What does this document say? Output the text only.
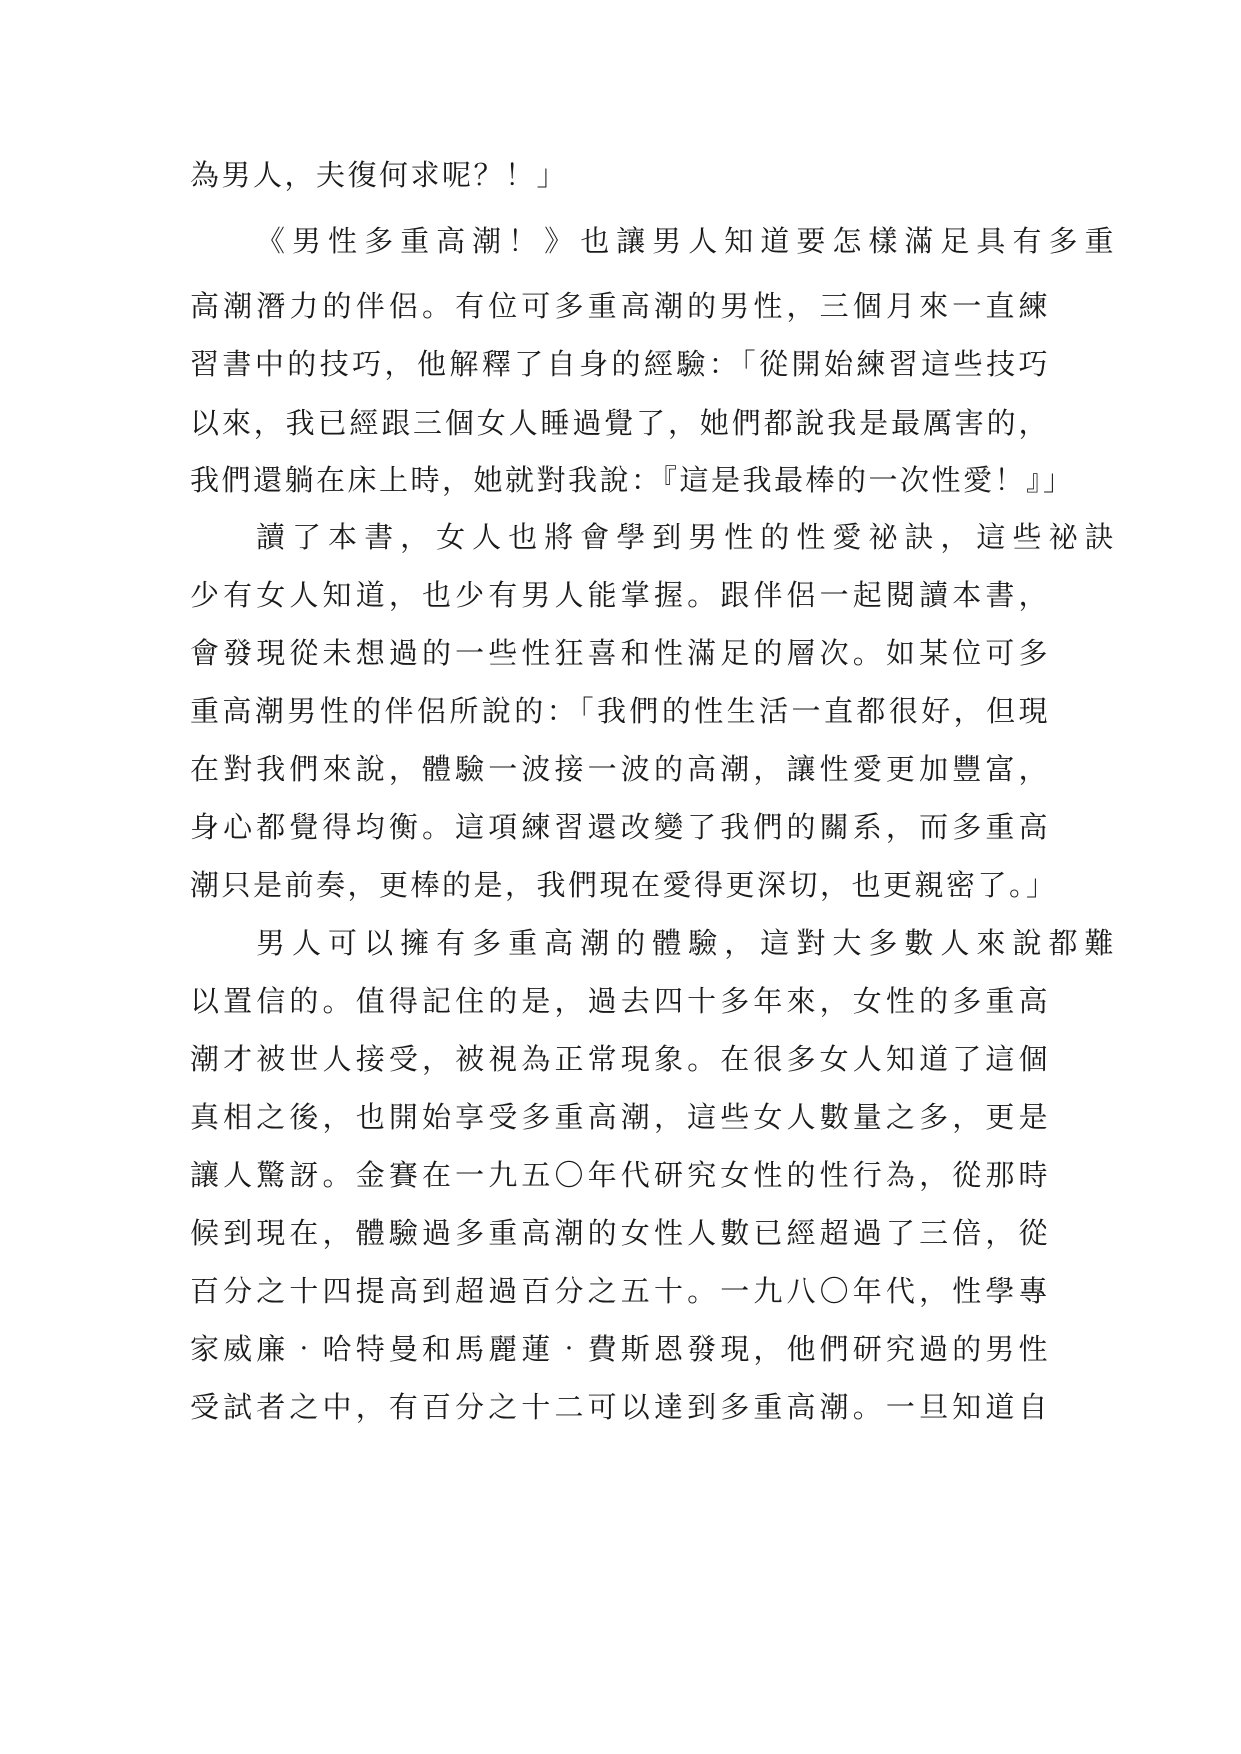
為男人，夫復何求呢？！」
《男性多重高潮！》也讓男人知道要怎樣滿足具有多重
高潮潛力的伴侶。有位可多重高潮的男性，三個月來一直練
習書中的技巧，他解釋了自身的經驗：「從開始練習這些技巧
以來，我已經跟三個女人睡過覺了，她們都說我是最厲害的，
我們還躺在床上時，她就對我說：『這是我最棒的一次性愛！』」
讀了本書，女人也將會學到男性的性愛祕訣，這些祕訣
少有女人知道，也少有男人能掌握。跟伴侶一起閱讀本書，
會發現從未想過的一些性狂喜和性滿足的層次。如某位可多
重高潮男性的伴侶所說的：「我們的性生活一直都很好，但現
在對我們來說，體驗一波接一波的高潮，讓性愛更加豐富，
身心都覺得均衡。這項練習還改變了我們的關系，而多重高
潮只是前奏，更棒的是，我們現在愛得更深切，也更親密了。」
男人可以擁有多重高潮的體驗，這對大多數人來說都難
以置信的。值得記住的是，過去四十多年來，女性的多重高
潮才被世人接受，被視為正常現象。在很多女人知道了這個
真相之後，也開始享受多重高潮，這些女人數量之多，更是
讓人驚訝。金賽在一九五〇年代研究女性的性行為，從那時
候到現在，體驗過多重高潮的女性人數已經超過了三倍，從
百分之十四提高到超過百分之五十。一九八〇年代，性學專
家威廉‧哈特曼和馬麗蓮‧費斯恩發現，他們研究過的男性
受試者之中，有百分之十二可以達到多重高潮。一旦知道自
